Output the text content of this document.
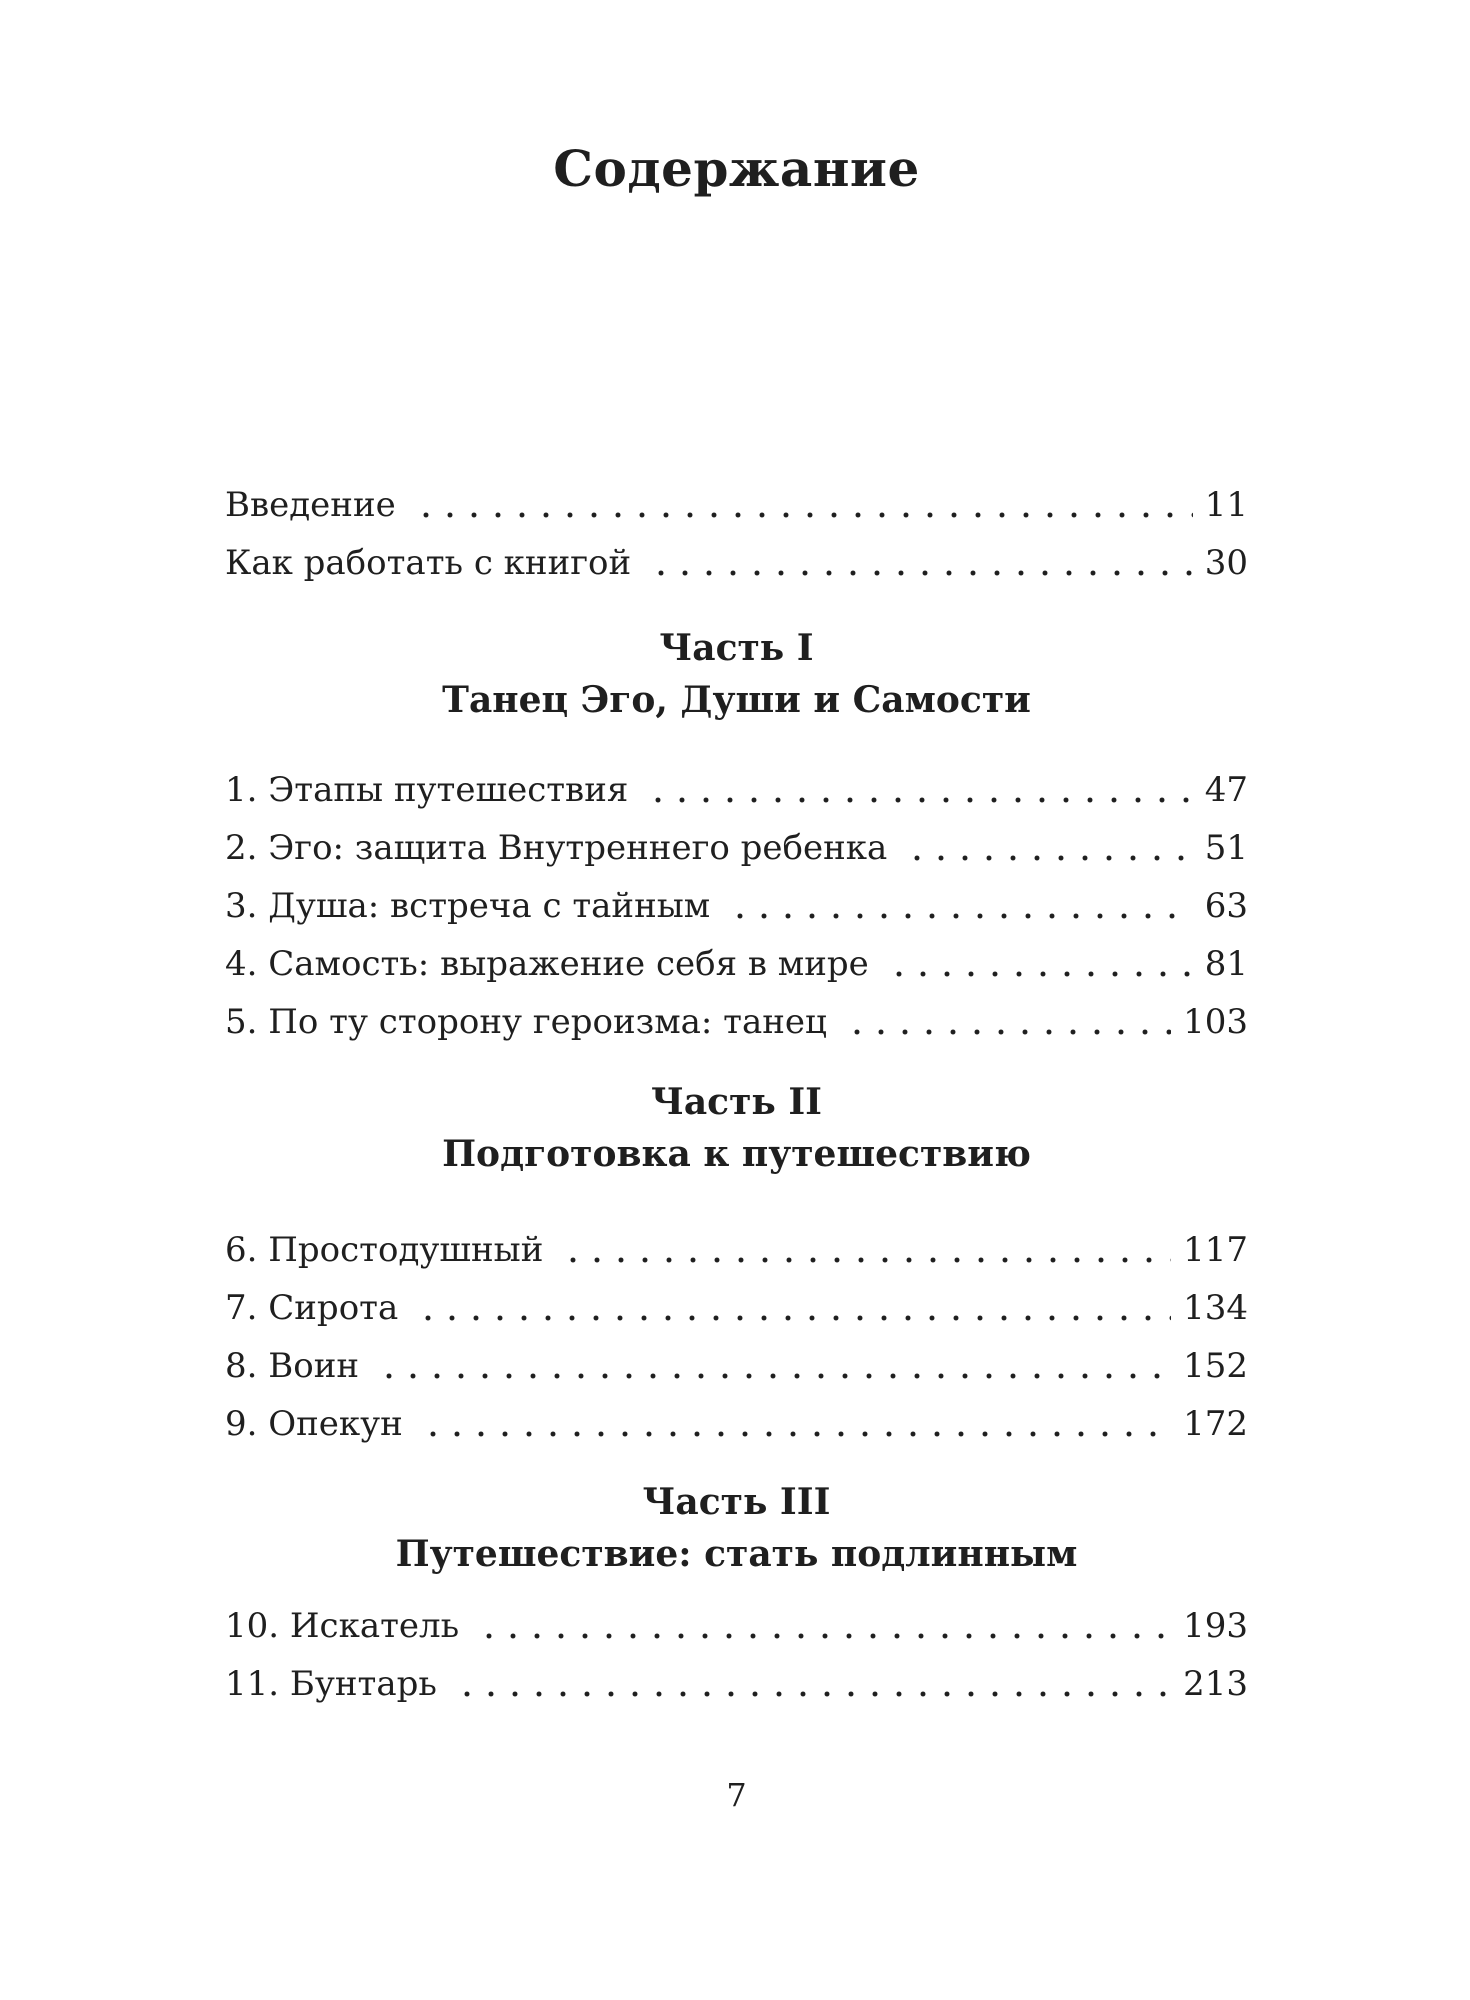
Содержание
Введение	11
Как работать с книгой	30
Часть I
Танец Эго, Души и Самости
1. Этапы путешествия	47
2. Эго: защита Внутреннего ребенка	51
3. Душа: встреча с тайным	63
4. Самость: выражение себя в мире	81
5. По ту сторону героизма: танец	103
Часть II
Подготовка к путешествию
6. Простодушный	117
7. Сирота	134
8. Воин	152
9. Опекун	172
Часть III
Путешествие: стать подлинным
10. Искатель	193
11. Бунтарь	213
7
